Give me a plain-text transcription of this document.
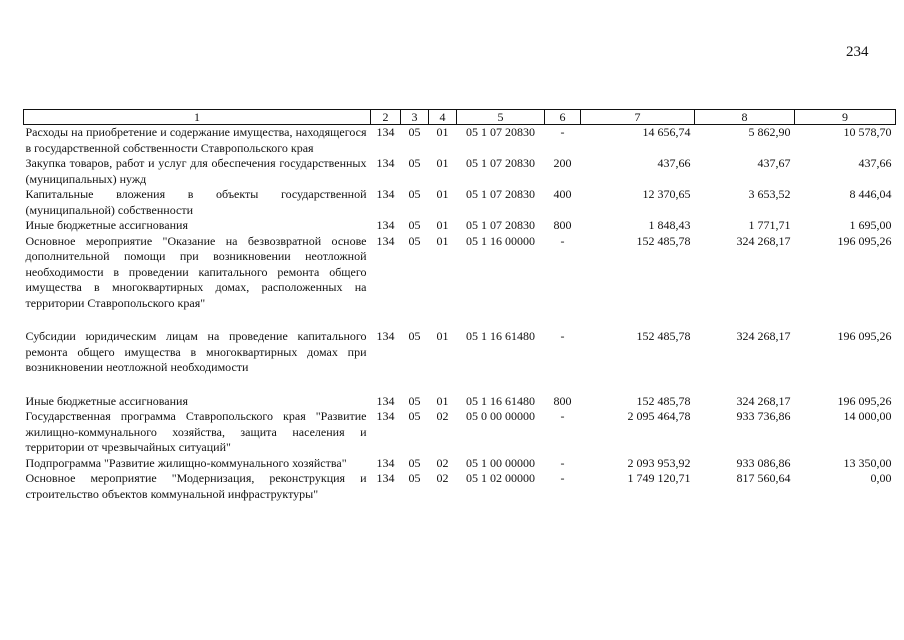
234
1	2	3	4	5	6	7	8	9
Расходы на приобретение и содержание имущества, находящегося в государственной собственности Ставропольского края	134	05	01	05 1 07 20830	-	14 656,74	5 862,90	10 578,70
Закупка товаров, работ и услуг для обеспечения государственных (муниципальных) нужд	134	05	01	05 1 07 20830	200	437,66	437,67	437,66
Капитальные вложения в объекты государственной (муниципальной) собственности	134	05	01	05 1 07 20830	400	12 370,65	3 653,52	8 446,04
Иные бюджетные ассигнования	134	05	01	05 1 07 20830	800	1 848,43	1 771,71	1 695,00
Основное мероприятие "Оказание на безвозвратной основе дополнительной помощи при возникновении неотложной необходимости в проведении капитального ремонта общего имущества в многоквартирных домах, расположенных на территории Ставропольского края"	134	05	01	05 1 16 00000	-	152 485,78	324 268,17	196 095,26

Субсидии юридическим лицам на проведение капитального ремонта общего имущества в многоквартирных домах при возникновении неотложной необходимости	134	05	01	05 1 16 61480	-	152 485,78	324 268,17	196 095,26

Иные бюджетные ассигнования	134	05	01	05 1 16 61480	800	152 485,78	324 268,17	196 095,26
Государственная программа Ставропольского края "Развитие жилищно-коммунального хозяйства, защита населения и территории от чрезвычайных ситуаций"	134	05	02	05 0 00 00000	-	2 095 464,78	933 736,86	14 000,00
Подпрограмма "Развитие жилищно-коммунального хозяйства"	134	05	02	05 1 00 00000	-	2 093 953,92	933 086,86	13 350,00
Основное мероприятие "Модернизация, реконструкция и строительство объектов коммунальной инфраструктуры"	134	05	02	05 1 02 00000	-	1 749 120,71	817 560,64	0,00
